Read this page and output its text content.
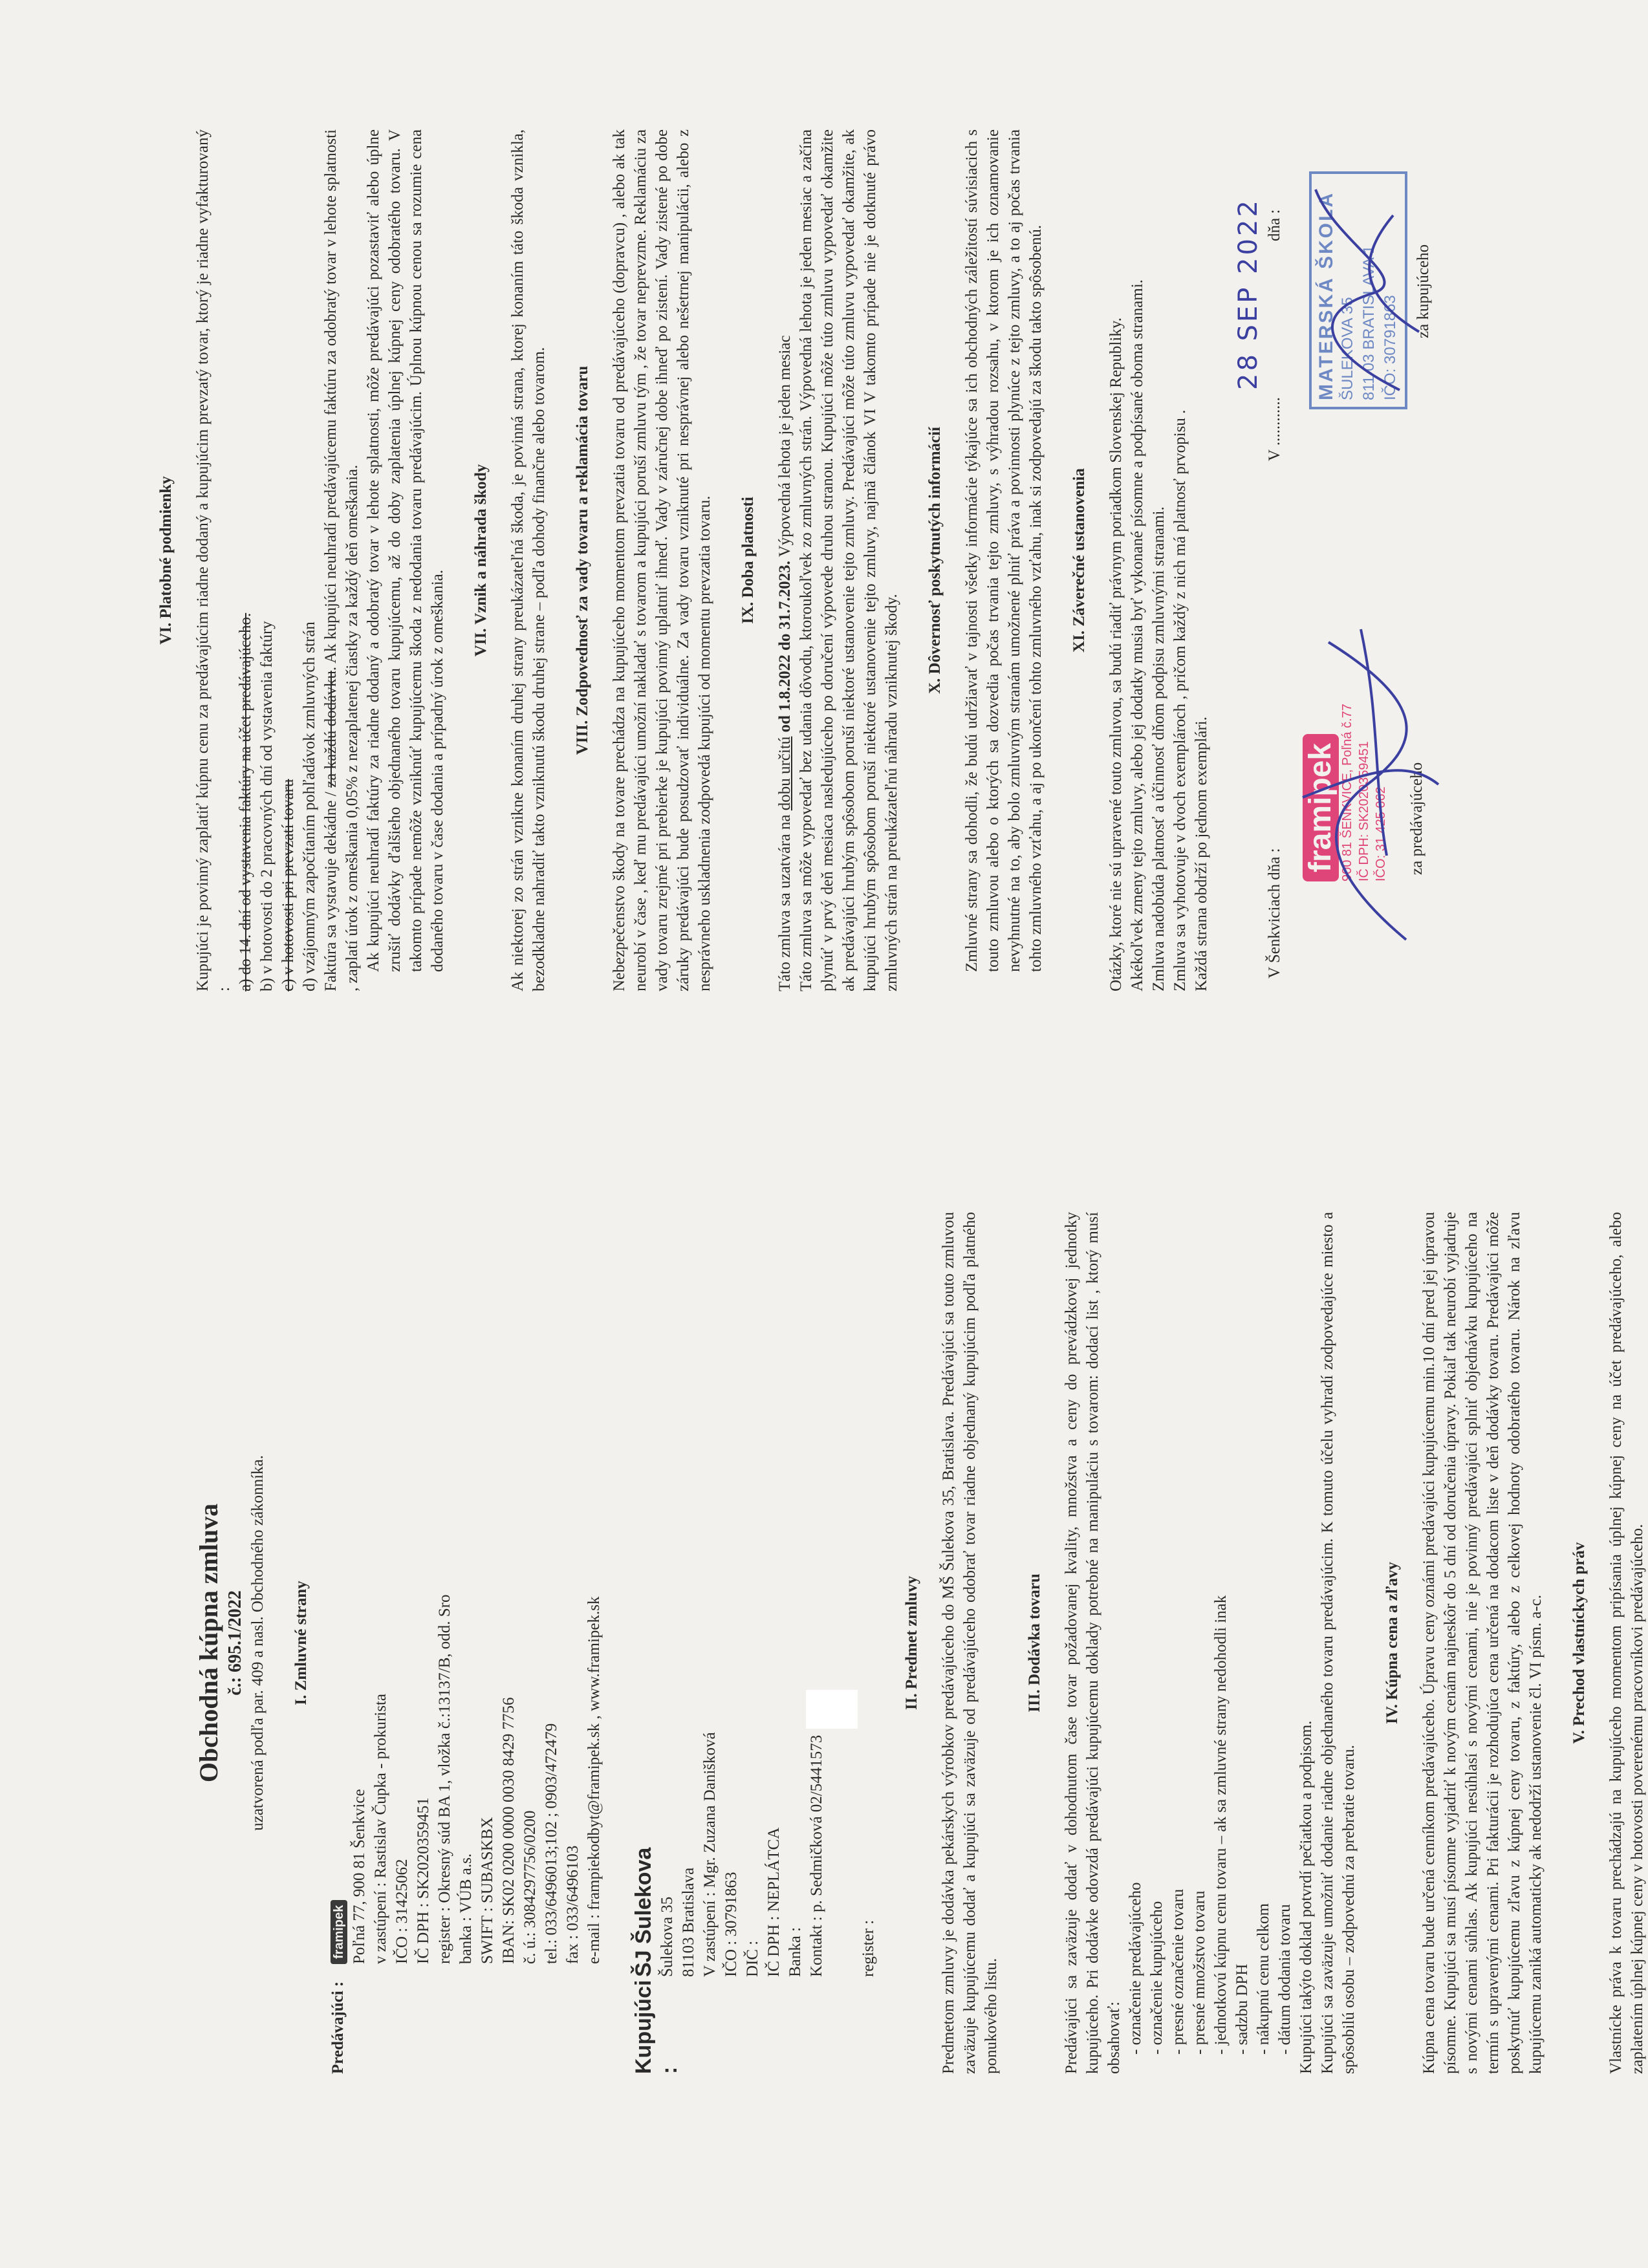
Obchodná kúpna zmluva č.: 695.1/2022 uzatvorená podľa par. 409 a nasl. Obchodného zákonníka. I. Zmluvné strany
Predávajúci :
framipek Poľná 77, 900 81 Šenkvice v zastúpení : Rastislav Čupka - prokurista IČO : 31425062 IČ DPH : SK2020359451 register : Okresný súd BA 1, vložka č.:13137/B, odd. Sro banka : VÚB a.s. SWIFT : SUBASKBX IBAN: SK02 0200 0000 0030 8429 7756 č. ú.: 3084297756/0200 tel.: 033/6496013;102 ; 0903/472479 fax : 033/6496103 e-mail : frampiekodbyt@framipek.sk , www.framipek.sk
Kupujúci :
ŠJ Šulekova Šulekova 35 81103 Bratislava V zastúpení : Mgr. Zuzana Danišková IČO : 30791863 DIČ : IČ DPH : NEPLÁTCA Banka : Kontakt : p. Sedmičková 02/5441573	register :
II. Predmet zmluvy Predmetom zmluvy je dodávka pekárskych výrobkov predávajúceho do MŠ Šulekova 35, Bratislava. Predávajúci sa touto zmluvou zaväzuje kupujúcemu dodať a kupujúci sa zaväzuje od predávajúceho odobrať tovar riadne objednaný kupujúcim podľa platného ponukového listu.

III. Dodávka tovaru Predávajúci sa zaväzuje dodať v dohodnutom čase tovar požadovanej kvality, množstva a ceny do prevádzkovej jednotky kupujúceho. Pri dodávke odovzdá predávajúci kupujúcemu doklady potrebné na manipuláciu s tovarom: dodací list , ktorý musí obsahovať: - označenie predávajúceho - označenie kupujúceho - presné označenie tovaru - presné množstvo tovaru - jednotkovú kúpnu cenu tovaru – ak sa zmluvné strany nedohodli inak - sadzbu DPH - nákupnú cenu celkom - dátum dodania tovaru Kupujúci takýto doklad potvrdí pečiatkou a podpisom. Kupujúci sa zaväzuje umožniť dodanie riadne objednaného tovaru predávajúcim. K tomuto účelu vyhradí zodpovedajúce miesto a spôsobilú osobu – zodpovednú za prebratie tovaru.

IV. Kúpna cena a zľavy Kúpna cena tovaru bude určená cenníkom predávajúceho. Úpravu ceny oznámi predávajúci kupujúcemu min.10 dní pred jej úpravou písomne. Kupujúci sa musí písomne vyjadriť k novým cenám najneskôr do 5 dní od doručenia úpravy. Pokiaľ tak neurobí vyjadruje s novými cenami súhlas. Ak kupujúci nesúhlasí s novými cenami, nie je povinný predávajúci splniť objednávku kupujúceho na termín s upravenými cenami. Pri fakturácii je rozhodujúca cena určená na dodacom liste v deň dodávky tovaru. Predávajúci môže poskytnúť kupujúcemu zľavu z kúpnej ceny tovaru, z faktúry, alebo z celkovej hodnoty odobratého tovaru. Nárok na zľavu kupujúcemu zaniká automaticky ak nedodrží ustanovenie čl. VI písm. a-c. V. Prechod vlastníckych práv Vlastnícke práva k tovaru prechádzajú na kupujúceho momentom pripísania úplnej kúpnej ceny na účet predávajúceho, alebo zaplatením úplnej kúpnej ceny v hotovosti poverenému pracovníkovi predávajúceho.

VI. Platobné podmienky Kupujúci je povinný zaplatiť kúpnu cenu za predávajúcim riadne dodaný a kupujúcim prevzatý tovar, ktorý je riadne vyfakturovaný : a) do 14. dní od vystavenia faktúry na účet predávajúceho. b) v hotovosti do 2 pracovných dní od vystavenia faktúry c) v hotovosti pri prevzatí tovaru d) vzájomným započítaním pohľadávok zmluvných strán Faktúra sa vystavuje dekádne / za každú dodávku. Ak kupujúci neuhradí predávajúcemu faktúru za odobratý tovar v lehote splatnosti , zaplatí úrok z omeškania 0,05% z nezaplatenej čiastky za každý deň omeškania. Ak kupujúci neuhradí faktúry za riadne dodaný a odobratý tovar v lehote splatnosti, môže predávajúci pozastaviť alebo úplne zrušiť dodávky ďalšieho objednaného tovaru kupujúcemu, až do doby zaplatenia úplnej kúpnej ceny odobratého tovaru. V takomto prípade nemôže vzniknúť kupujúcemu škoda z nedodania tovaru predávajúcim. Úplnou kúpnou cenou sa rozumie cena dodaného tovaru v čase dodania a prípadný úrok z omeškania.

VII. Vznik a náhrada škody Ak niektorej zo strán vznikne konaním druhej strany preukázateľná škoda, je povinná strana, ktorej konaním táto škoda vznikla, bezodkladne nahradiť takto vzniknutú škodu druhej strane – podľa dohody finančne alebo tovarom. VIII. Zodpovednosť za vady tovaru a reklamácia tovaru Nebezpečenstvo škody na tovare prechádza na kupujúceho momentom prevzatia tovaru od predávajúceho (dopravcu) , alebo ak tak neurobí v čase , keď mu predávajúci umožní nakladať s tovarom a kupujúci poruší zmluvu tým , že tovar neprevzme. Reklamáciu za vady tovaru zrejmé pri prebierke je kupujúci povinný uplatniť ihneď. Vady v záručnej dobe ihneď po zistení. Vady zistené po dobe záruky predávajúci bude posudzovať individuálne. Za vady tovaru vzniknuté pri nesprávnej alebo nešetrnej manipulácii, alebo z nesprávneho uskladnenia zodpovedá kupujúci od momentu prevzatia tovaru. IX. Doba platnosti

Táto zmluva sa uzatvára na dobu určitú od 1.8.2022 do 31.7.2023. Výpovedná lehota je jeden mesiac Táto zmluva sa môže vypovedať bez udania dôvodu, ktoroukoľvek zo zmluvných strán. Výpovedná lehota je jeden mesiac a začína plynúť v prvý deň mesiaca nasledujúceho po doručení výpovede druhou stranou. Kupujúci môže túto zmluvu vypovedať okamžite ak predávajúci hrubým spôsobom poruší niektoré ustanovenie tejto zmluvy. Predávajúci môže túto zmluvu vypovedať okamžite, ak kupujúci hrubým spôsobom poruší niektoré ustanovenie tejto zmluvy, najmä článok VI V takomto prípade nie je dotknuté právo zmluvných strán na preukázateľnú náhradu vzniknutej škody.

X. Dôvernosť poskytnutých informácií Zmluvné strany sa dohodli, že budú udržiavať v tajnosti všetky informácie týkajúce sa ich obchodných záležitostí súvisiacich s touto zmluvou alebo o ktorých sa dozvedia počas trvania tejto zmluvy, s výhradou rozsahu, v ktorom je ich oznamovanie nevyhnutné na to, aby bolo zmluvným stranám umožnené plniť práva a povinnosti plynúce z tejto zmluvy, a to aj počas trvania tohto zmluvného vzťahu, a aj po ukončení tohto zmluvného vzťahu, inak si zodpovedajú za škodu takto spôsobenú. XI. Záverečné ustanovenia Otázky, ktoré nie sú upravené touto zmluvou, sa budú riadiť právnym poriadkom Slovenskej Republiky. Akékoľvek zmeny tejto zmluvy, alebo jej dodatky musia byť vykonané písomne a podpísané oboma stranami. Zmluva nadobúda platnosť a účinnosť dňom podpisu zmluvnými stranami. Zmluva sa vyhotovuje v dvoch exemplároch , pričom každý z nich má platnosť prvopisu . Každá strana obdrží po jednom exemplári.	V Šenkviciach dňa :
V ............
28 SEP 2022 dňa :
framipek 900 81 ŠENKVICE, Poľná č.77 IČ DPH: SK2020359451 IČO: 31 425 062 za predávajúceho
MATERSKÁ ŠKOLA ŠULEKOVA 35 811 03 BRATISLAVA 1 IČO: 30791863
za kupujúceho
